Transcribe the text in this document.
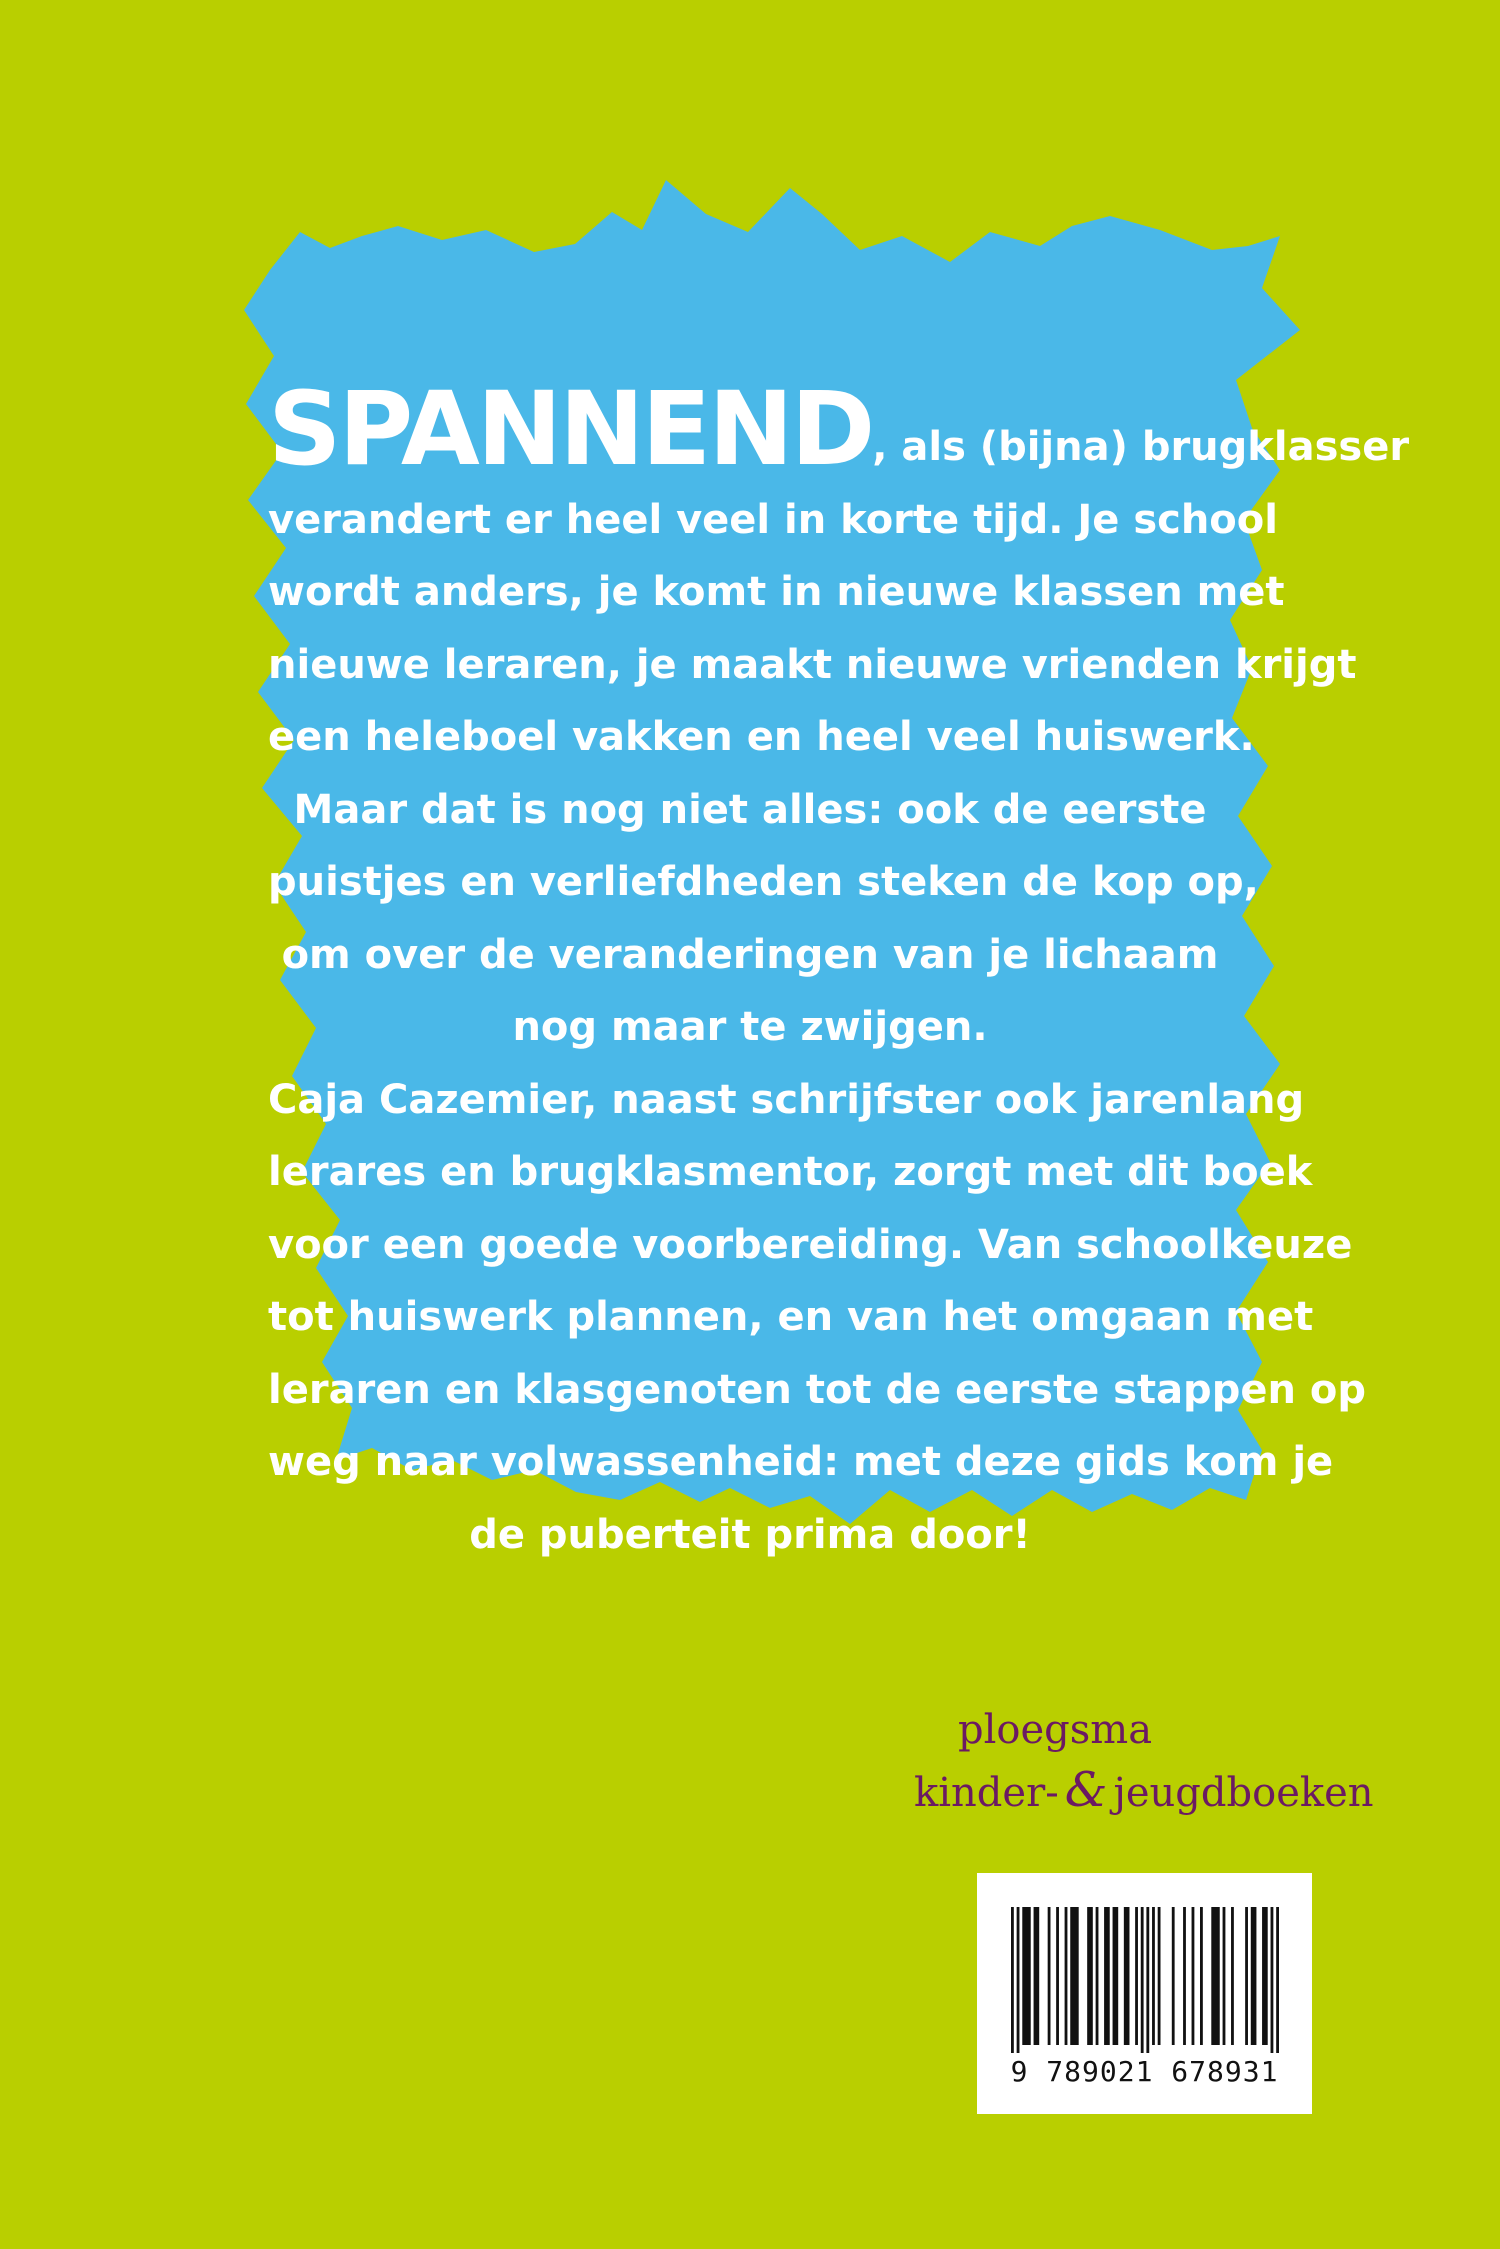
SPANNEND, als (bijna) brugklasser
verandert er heel veel in korte tijd. Je school
wordt anders, je komt in nieuwe klassen met
nieuwe leraren, je maakt nieuwe vrienden krijgt
een heleboel vakken en heel veel huiswerk.
Maar dat is nog niet alles: ook de eerste
puistjes en verliefdheden steken de kop op,
om over de veranderingen van je lichaam
nog maar te zwijgen.
Caja Cazemier, naast schrijfster ook jarenlang
lerares en brugklasmentor, zorgt met dit boek
voor een goede voorbereiding. Van schoolkeuze
tot huiswerk plannen, en van het omgaan met
leraren en klasgenoten tot de eerste stappen op
weg naar volwassenheid: met deze gids kom je
de puberteit prima door!
ploegsma
kinder- & jeugdboeken
9 789021 678931
